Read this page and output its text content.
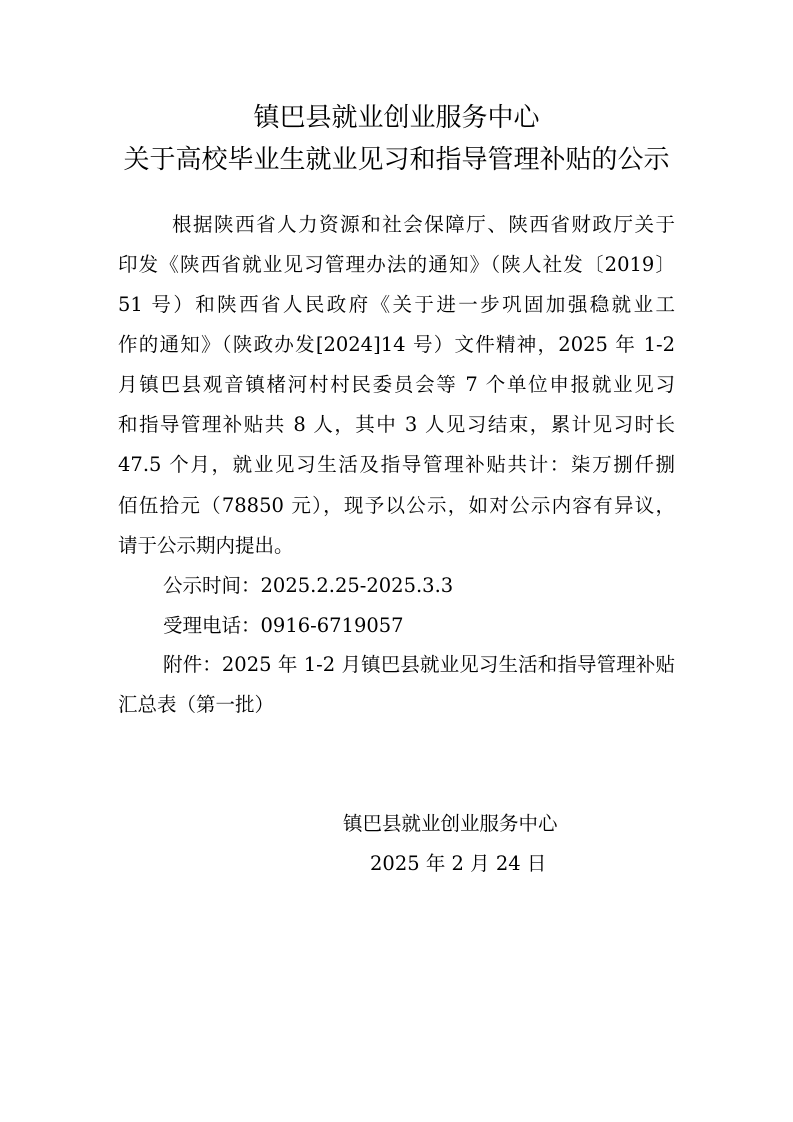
镇巴县就业创业服务中心
关于高校毕业生就业见习和指导管理补贴的公示
根据陕西省人力资源和社会保障厅、陕西省财政厅关于
印发《陕西省就业见习管理办法的通知》（陕人社发〔2019〕
51 号）和陕西省人民政府《关于进一步巩固加强稳就业工
作的通知》（陕政办发[2024]14 号）文件精神，2025 年 1-2
月镇巴县观音镇楮河村村民委员会等 7 个单位申报就业见习
和指导管理补贴共 8 人，其中 3 人见习结束，累计见习时长
47.5 个月，就业见习生活及指导管理补贴共计：柒万捌仟捌
佰伍拾元（78850 元），现予以公示，如对公示内容有异议，
请于公示期内提出。
公示时间：2025.2.25-2025.3.3
受理电话：0916-6719057
附件：2025 年 1-2 月镇巴县就业见习生活和指导管理补贴
汇总表（第一批）
镇巴县就业创业服务中心
2025 年 2 月 24 日
